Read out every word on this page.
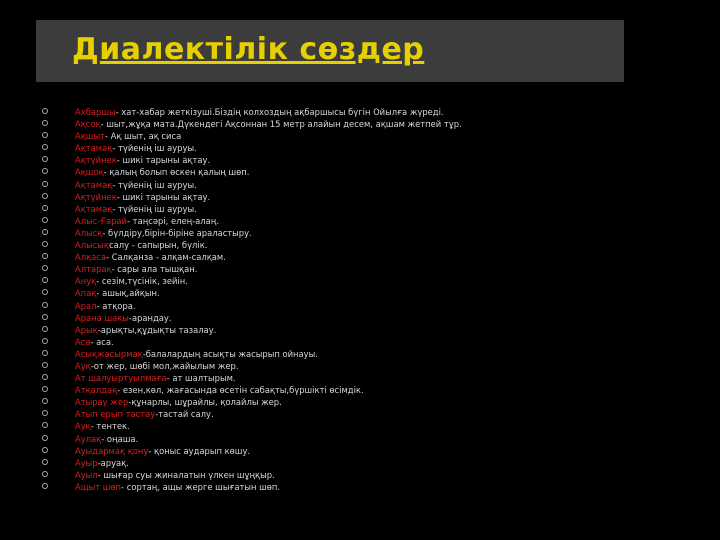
Диалектілік сөздер
Ахбаршы- хат-хабар жеткізуші.Біздің колхоздың ақбаршысы бүгін Ойылға жүреді.
Ақсоқ- шыт,жұқа мата.Дүкендегі Ақсоннан 15 метр алайын десем, ақшам жетпей тұр.
Ақшыт- Ақ шыт, ақ сиса
Ақтамақ- түйенің іш ауруы.
Ақтүйнек- шикі тарыны ақтау.
Ақшоқ- қалың болып өскен қалың шөп.
Ақтамақ- түйенің іш ауруы.
Ақтүйнек- шикі тарыны ақтау.
Ақтамақ- түйенің іш ауруы.
Алыс-Ғарай- таңсәрі, елең-алаң.
Алысқ- бүлдіру,бірін-біріне араластыру.
Алысықсалу - сапырын, бүлік.
Алқаса- Салқанза - алқам-салқам.
Алтарақ- сары ала тышқан.
Ануқ- сезім,түсінік, зейін.
Апақ- ашық,айқын.
Арал- атқора.
Арана шақы-арандау.
Арық-арықты,құдықты тазалау.
Аса- аса.
Асықжасырмақ-балалардың асықты жасырып ойнауы.
Ауқ-от жер, шөбі мол,жайылым жер.
Ат шалуыртуылмаға- ат шалтырым.
Атқалдақ- езен,көл, жағасында өсетін сабақты,бүршікті өсімдік.
Атырау жер-құнарлы, шұрайлы, қолайлы жер.
Атып ерып тастау-тастай салу.
Ауқ- тентек.
Аулақ- оңаша.
Ауыдармақ қону- қоныс аударып көшу.
Ауыр-аруақ.
Ауыл- шығар суы жиналатын үлкен шұңқыр.
Ащыт шөп- сортаң, ащы жерге шығатын шөп.
